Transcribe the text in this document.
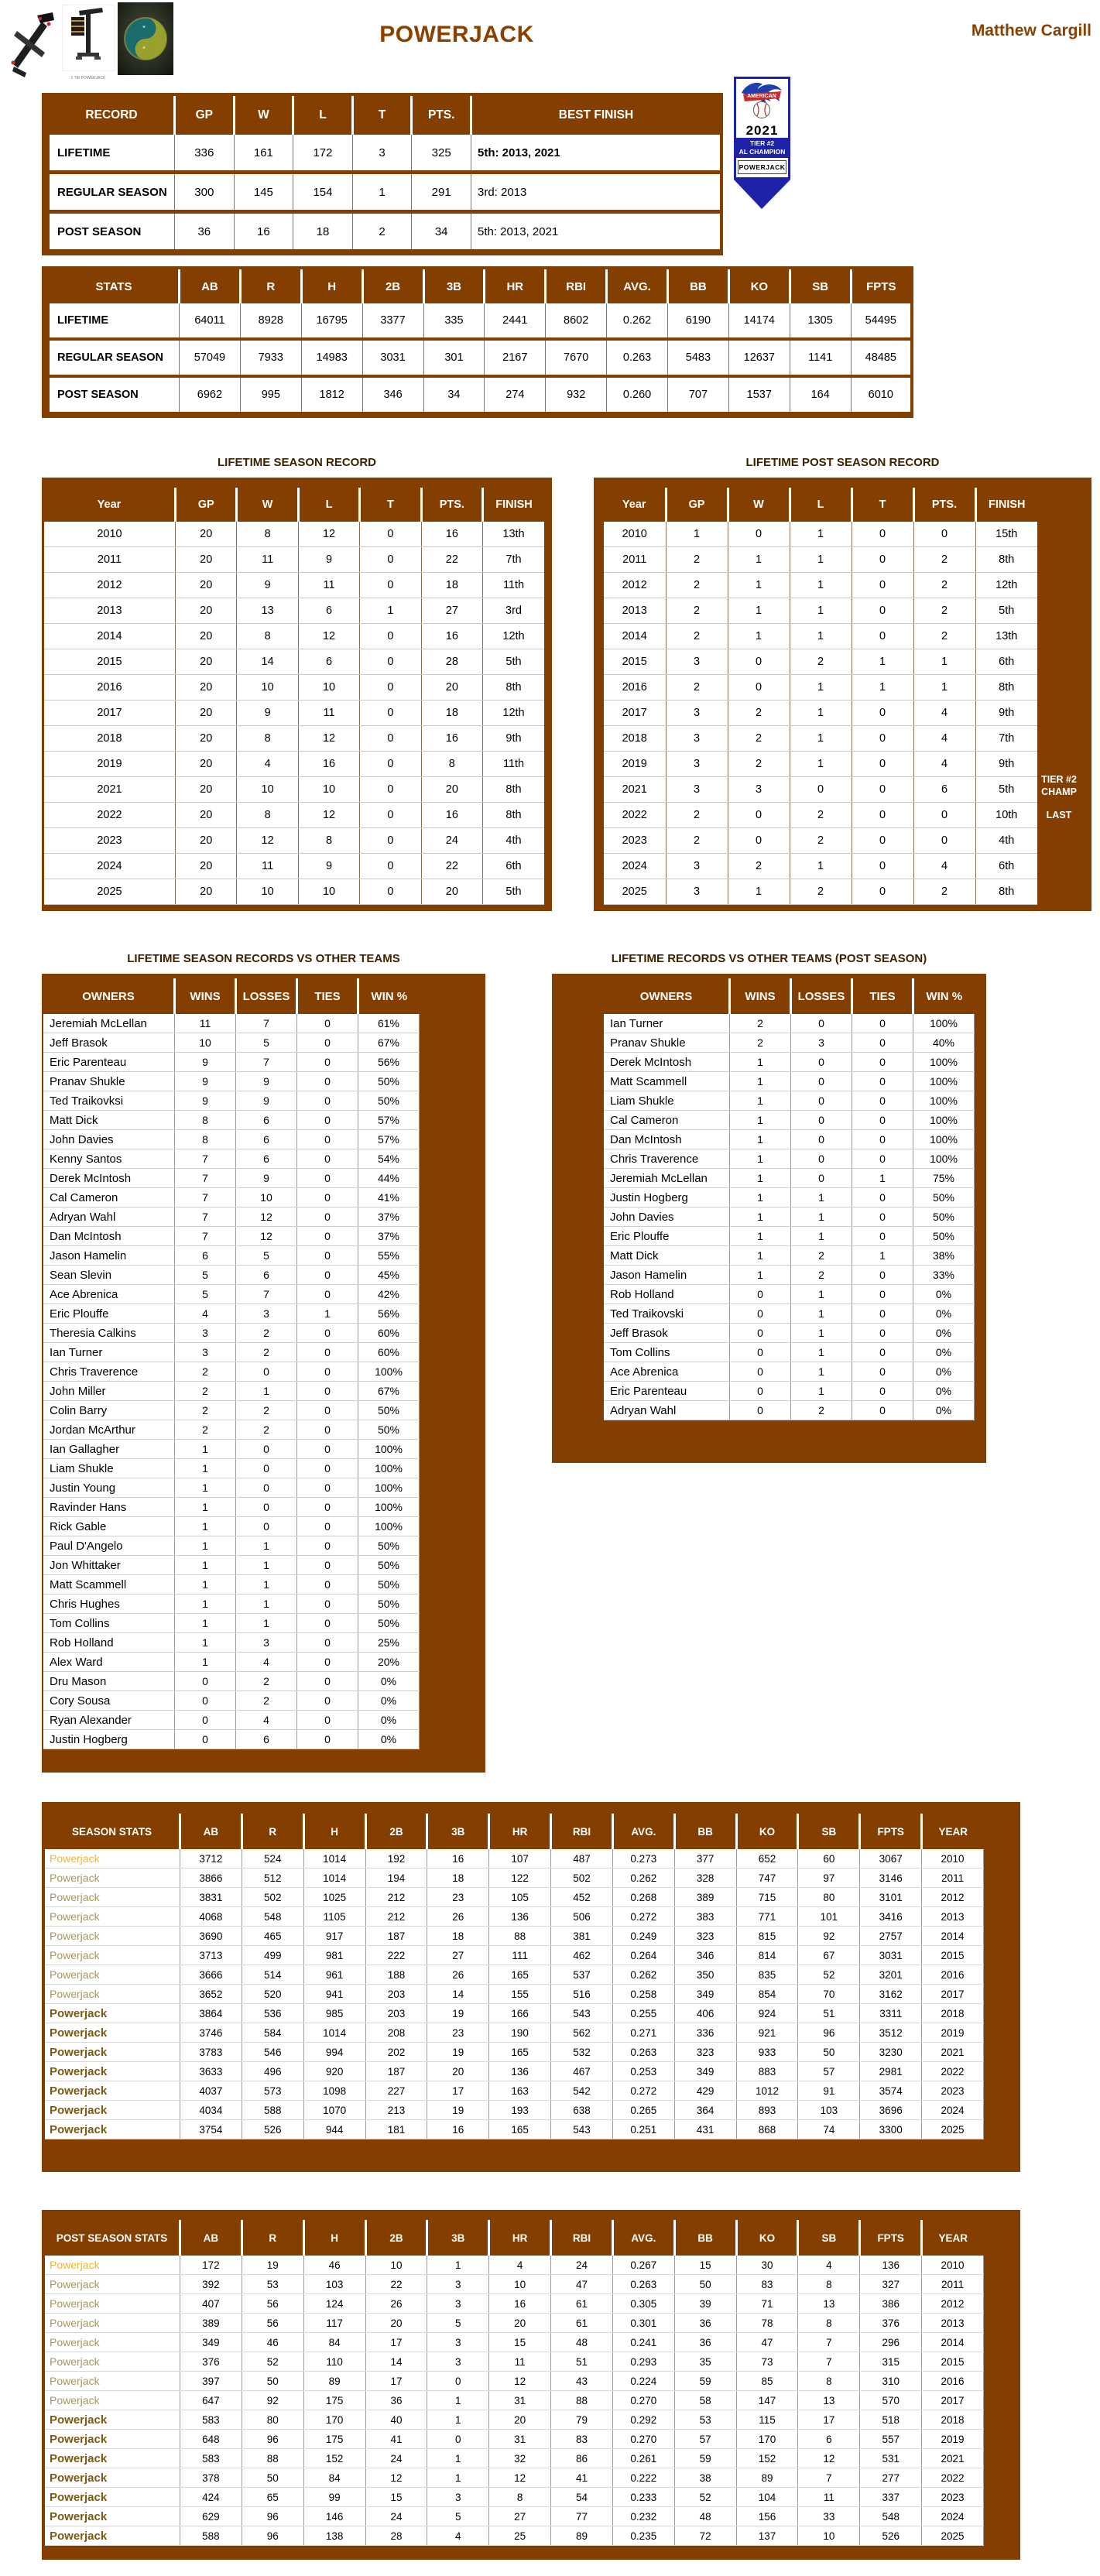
1 TIE POWERJACK
POWERJACK	Matthew Cargill
RECORD	GP	W	L	T	PTS.	BEST FINISH
LIFETIME	336	161	172	3	325	5th: 2013, 2021
REGULAR SEASON	300	145	154	1	291	3rd: 2013
POST SEASON	36	16	18	2	34	5th: 2013, 2021
AMERICAN
2021
TIER #2
AL CHAMPION
POWERJACK
STATS	AB	R	H	2B	3B	HR	RBI	AVG.	BB	KO	SB	FPTS
LIFETIME	64011	8928	16795	3377	335	2441	8602	0.262	6190	14174	1305	54495
REGULAR SEASON	57049	7933	14983	3031	301	2167	7670	0.263	5483	12637	1141	48485
POST SEASON	6962	995	1812	346	34	274	932	0.260	707	1537	164	6010
LIFETIME SEASON RECORD	LIFETIME POST SEASON RECORD
Year	GP	W	L	T	PTS.	FINISH
2010	20	8	12	0	16	13th
2011	20	11	9	0	22	7th
2012	20	9	11	0	18	11th
2013	20	13	6	1	27	3rd
2014	20	8	12	0	16	12th
2015	20	14	6	0	28	5th
2016	20	10	10	0	20	8th
2017	20	9	11	0	18	12th
2018	20	8	12	0	16	9th
2019	20	4	16	0	8	11th
2021	20	10	10	0	20	8th
2022	20	8	12	0	16	8th
2023	20	12	8	0	24	4th
2024	20	11	9	0	22	6th
2025	20	10	10	0	20	5th
TIER #2
CHAMP
LAST
Year	GP	W	L	T	PTS.	FINISH
2010	1	0	1	0	0	15th
2011	2	1	1	0	2	8th
2012	2	1	1	0	2	12th
2013	2	1	1	0	2	5th
2014	2	1	1	0	2	13th
2015	3	0	2	1	1	6th
2016	2	0	1	1	1	8th
2017	3	2	1	0	4	9th
2018	3	2	1	0	4	7th
2019	3	2	1	0	4	9th
2021	3	3	0	0	6	5th
2022	2	0	2	0	0	10th
2023	2	0	2	0	0	4th
2024	3	2	1	0	4	6th
2025	3	1	2	0	2	8th
LIFETIME SEASON RECORDS VS OTHER TEAMS	LIFETIME RECORDS VS OTHER TEAMS (POST SEASON)
OWNERS	WINS	LOSSES	TIES	WIN %
Jeremiah McLellan	11	7	0	61%
Jeff Brasok	10	5	0	67%
Eric Parenteau	9	7	0	56%
Pranav Shukle	9	9	0	50%
Ted Traikovksi	9	9	0	50%
Matt Dick	8	6	0	57%
John Davies	8	6	0	57%
Kenny Santos	7	6	0	54%
Derek McIntosh	7	9	0	44%
Cal Cameron	7	10	0	41%
Adryan Wahl	7	12	0	37%
Dan McIntosh	7	12	0	37%
Jason Hamelin	6	5	0	55%
Sean Slevin	5	6	0	45%
Ace Abrenica	5	7	0	42%
Eric Plouffe	4	3	1	56%
Theresia Calkins	3	2	0	60%
Ian Turner	3	2	0	60%
Chris Traverence	2	0	0	100%
John Miller	2	1	0	67%
Colin Barry	2	2	0	50%
Jordan McArthur	2	2	0	50%
Ian Gallagher	1	0	0	100%
Liam Shukle	1	0	0	100%
Justin Young	1	0	0	100%
Ravinder Hans	1	0	0	100%
Rick Gable	1	0	0	100%
Paul D'Angelo	1	1	0	50%
Jon Whittaker	1	1	0	50%
Matt Scammell	1	1	0	50%
Chris Hughes	1	1	0	50%
Tom Collins	1	1	0	50%
Rob Holland	1	3	0	25%
Alex Ward	1	4	0	20%
Dru Mason	0	2	0	0%
Cory Sousa	0	2	0	0%
Ryan Alexander	0	4	0	0%
Justin Hogberg	0	6	0	0%
OWNERS	WINS	LOSSES	TIES	WIN %
Ian Turner	2	0	0	100%
Pranav Shukle	2	3	0	40%
Derek McIntosh	1	0	0	100%
Matt Scammell	1	0	0	100%
Liam Shukle	1	0	0	100%
Cal Cameron	1	0	0	100%
Dan McIntosh	1	0	0	100%
Chris Traverence	1	0	0	100%
Jeremiah McLellan	1	0	1	75%
Justin Hogberg	1	1	0	50%
John Davies	1	1	0	50%
Eric Plouffe	1	1	0	50%
Matt Dick	1	2	1	38%
Jason Hamelin	1	2	0	33%
Rob Holland	0	1	0	0%
Ted Traikovski	0	1	0	0%
Jeff Brasok	0	1	0	0%
Tom Collins	0	1	0	0%
Ace Abrenica	0	1	0	0%
Eric Parenteau	0	1	0	0%
Adryan Wahl	0	2	0	0%
SEASON STATS	AB	R	H	2B	3B	HR	RBI	AVG.	BB	KO	SB	FPTS	YEAR
Powerjack	3712	524	1014	192	16	107	487	0.273	377	652	60	3067	2010
Powerjack	3866	512	1014	194	18	122	502	0.262	328	747	97	3146	2011
Powerjack	3831	502	1025	212	23	105	452	0.268	389	715	80	3101	2012
Powerjack	4068	548	1105	212	26	136	506	0.272	383	771	101	3416	2013
Powerjack	3690	465	917	187	18	88	381	0.249	323	815	92	2757	2014
Powerjack	3713	499	981	222	27	111	462	0.264	346	814	67	3031	2015
Powerjack	3666	514	961	188	26	165	537	0.262	350	835	52	3201	2016
Powerjack	3652	520	941	203	14	155	516	0.258	349	854	70	3162	2017
Powerjack	3864	536	985	203	19	166	543	0.255	406	924	51	3311	2018
Powerjack	3746	584	1014	208	23	190	562	0.271	336	921	96	3512	2019
Powerjack	3783	546	994	202	19	165	532	0.263	323	933	50	3230	2021
Powerjack	3633	496	920	187	20	136	467	0.253	349	883	57	2981	2022
Powerjack	4037	573	1098	227	17	163	542	0.272	429	1012	91	3574	2023
Powerjack	4034	588	1070	213	19	193	638	0.265	364	893	103	3696	2024
Powerjack	3754	526	944	181	16	165	543	0.251	431	868	74	3300	2025
POST SEASON STATS	AB	R	H	2B	3B	HR	RBI	AVG.	BB	KO	SB	FPTS	YEAR
Powerjack	172	19	46	10	1	4	24	0.267	15	30	4	136	2010
Powerjack	392	53	103	22	3	10	47	0.263	50	83	8	327	2011
Powerjack	407	56	124	26	3	16	61	0.305	39	71	13	386	2012
Powerjack	389	56	117	20	5	20	61	0.301	36	78	8	376	2013
Powerjack	349	46	84	17	3	15	48	0.241	36	47	7	296	2014
Powerjack	376	52	110	14	3	11	51	0.293	35	73	7	315	2015
Powerjack	397	50	89	17	0	12	43	0.224	59	85	8	310	2016
Powerjack	647	92	175	36	1	31	88	0.270	58	147	13	570	2017
Powerjack	583	80	170	40	1	20	79	0.292	53	115	17	518	2018
Powerjack	648	96	175	41	0	31	83	0.270	57	170	6	557	2019
Powerjack	583	88	152	24	1	32	86	0.261	59	152	12	531	2021
Powerjack	378	50	84	12	1	12	41	0.222	38	89	7	277	2022
Powerjack	424	65	99	15	3	8	54	0.233	52	104	11	337	2023
Powerjack	629	96	146	24	5	27	77	0.232	48	156	33	548	2024
Powerjack	588	96	138	28	4	25	89	0.235	72	137	10	526	2025
